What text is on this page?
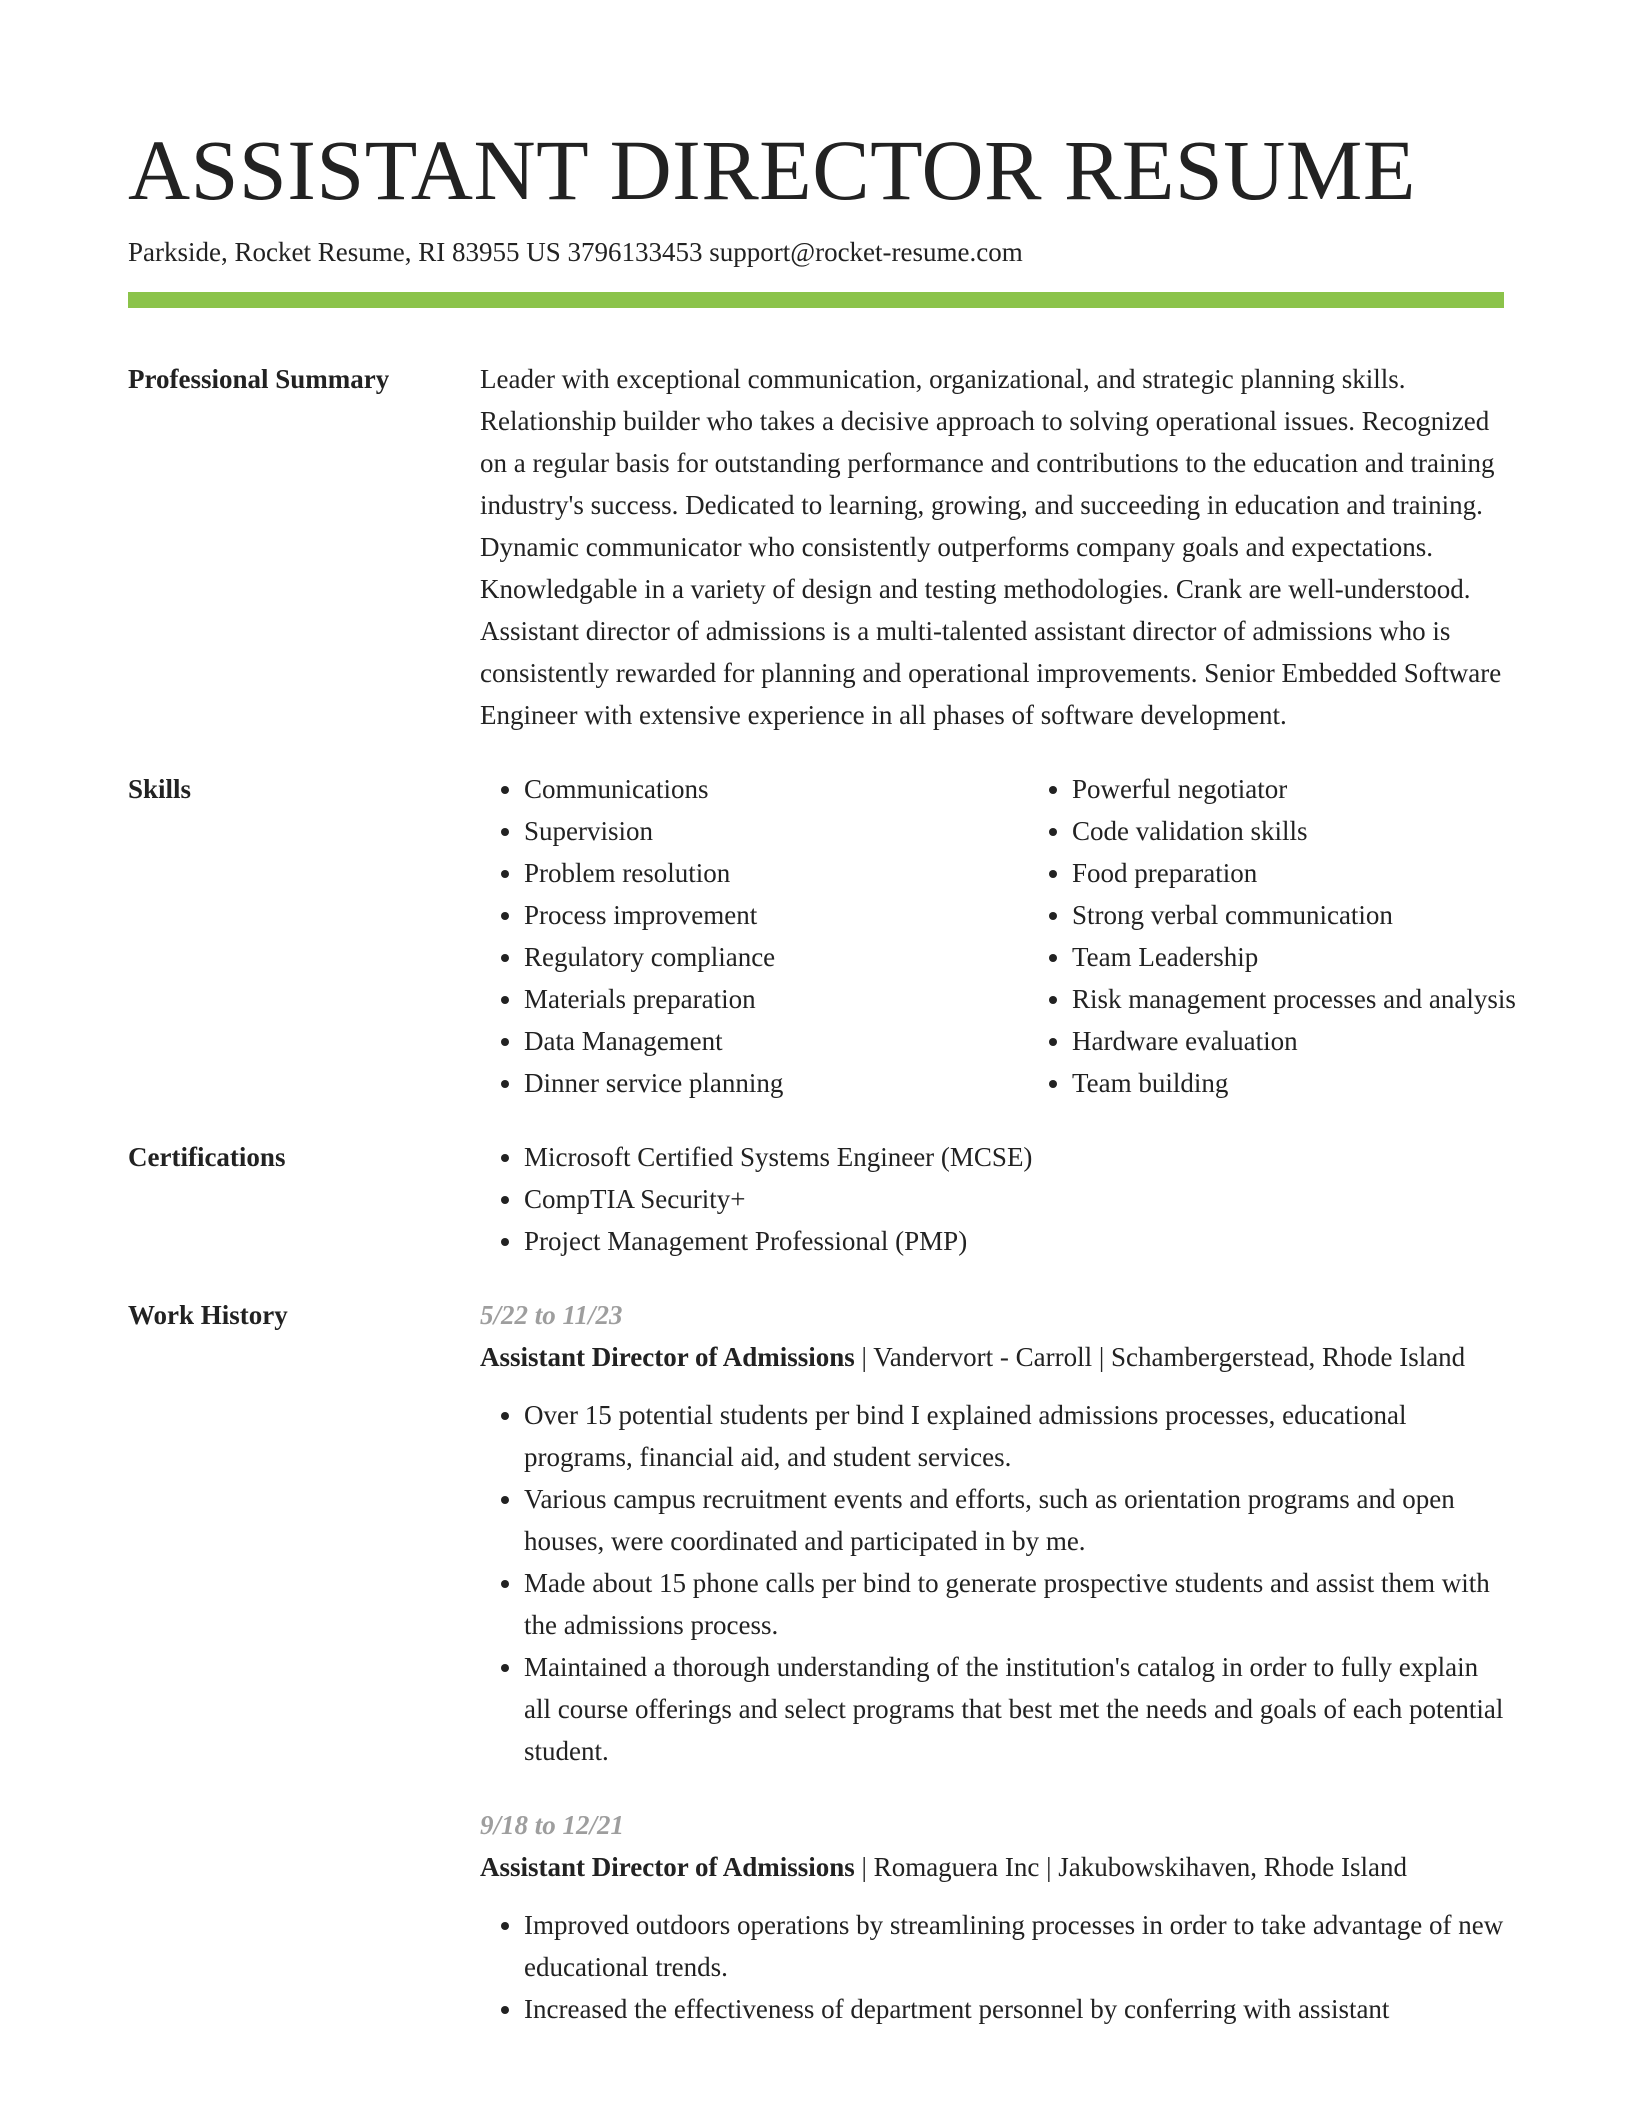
ASSISTANT DIRECTOR RESUME
Parkside, Rocket Resume, RI 83955 US 3796133453 support@rocket-resume.com
Professional Summary	Leader with exceptional communication, organizational, and strategic planning skills. Relationship builder who takes a decisive approach to solving operational issues. Recognized on a regular basis for outstanding performance and contributions to the education and training industry's success. Dedicated to learning, growing, and succeeding in education and training. Dynamic communicator who consistently outperforms company goals and expectations. Knowledgable in a variety of design and testing methodologies. Crank are well-understood. Assistant director of admissions is a multi-talented assistant director of admissions who is consistently rewarded for planning and operational improvements. Senior Embedded Software Engineer with extensive experience in all phases of software development.

Skills	• Communications
• Supervision
• Problem resolution
• Process improvement
• Regulatory compliance
• Materials preparation
• Data Management
• Dinner service planning
• Powerful negotiator
• Code validation skills
• Food preparation
• Strong verbal communication
• Team Leadership
• Risk management processes and analysis
• Hardware evaluation
• Team building
Certifications	• Microsoft Certified Systems Engineer (MCSE)
• CompTIA Security+
• Project Management Professional (PMP)
Work History	5/22 to 11/23
Assistant Director of Admissions | Vandervort - Carroll | Schambergerstead, Rhode Island
• Over 15 potential students per bind I explained admissions processes, educational programs, financial aid, and student services.
• Various campus recruitment events and efforts, such as orientation programs and open houses, were coordinated and participated in by me.
• Made about 15 phone calls per bind to generate prospective students and assist them with the admissions process.
• Maintained a thorough understanding of the institution's catalog in order to fully explain all course offerings and select programs that best met the needs and goals of each potential student.
9/18 to 12/21
Assistant Director of Admissions | Romaguera Inc | Jakubowskihaven, Rhode Island
• Improved outdoors operations by streamlining processes in order to take advantage of new educational trends.
• Increased the effectiveness of department personnel by conferring with assistant
